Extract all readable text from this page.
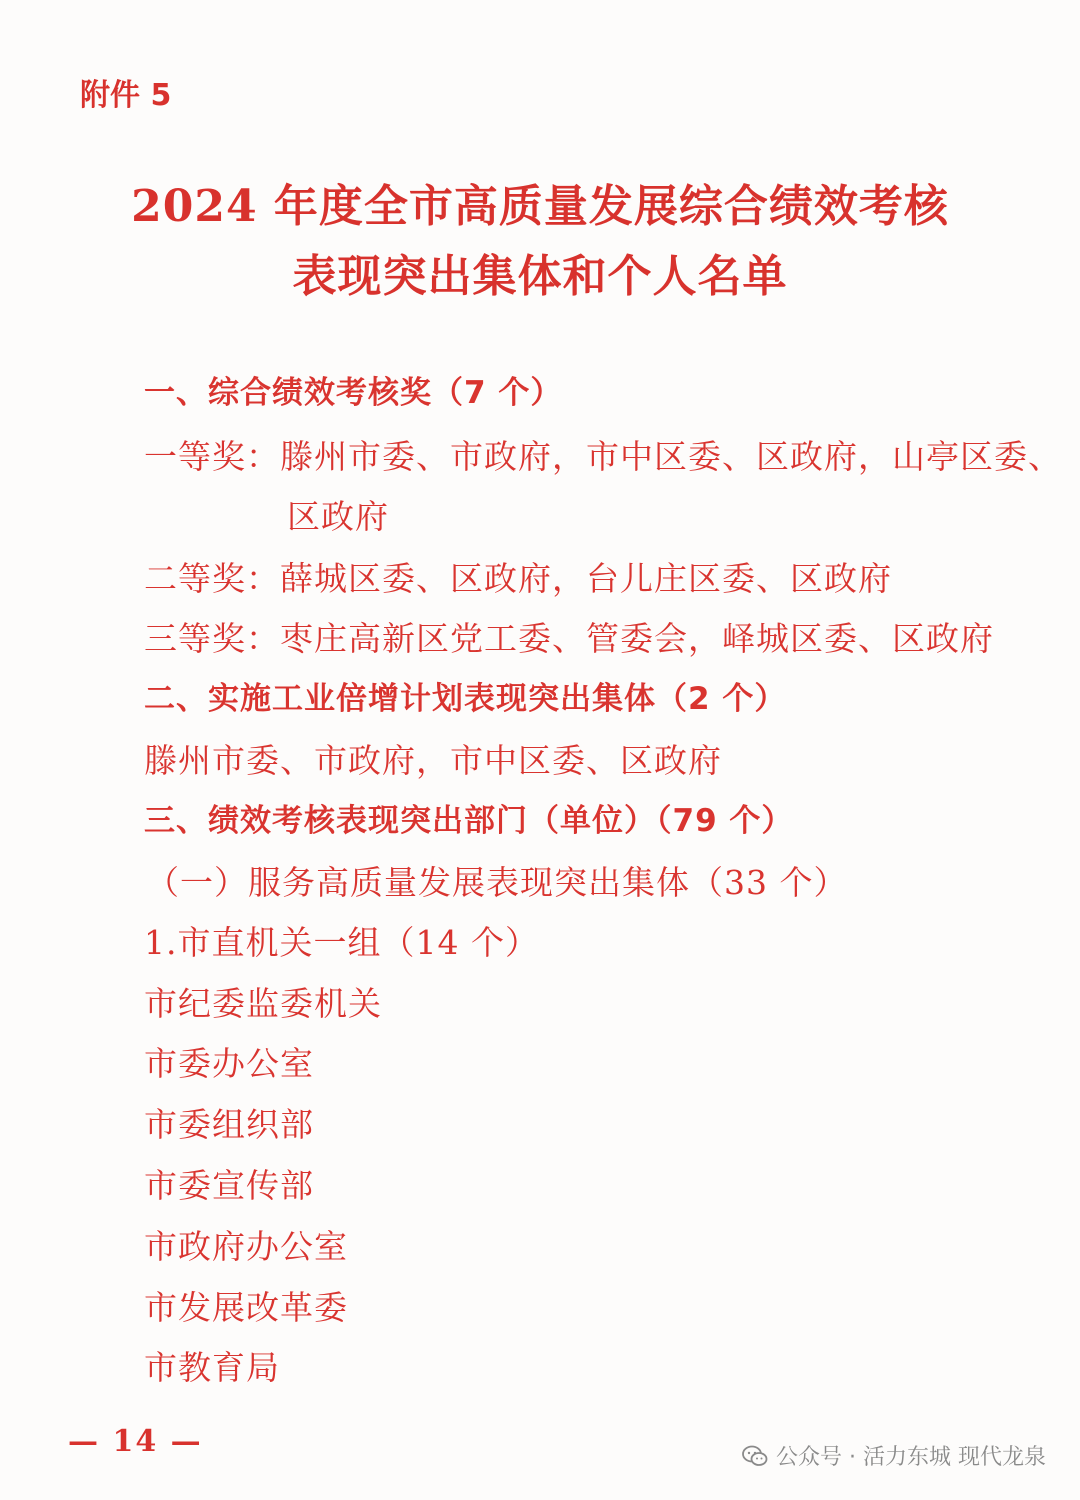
附件 5
2024 年度全市高质量发展综合绩效考核
表现突出集体和个人名单
一、综合绩效考核奖（7 个）
一等奖：滕州市委、市政府，市中区委、区政府，山亭区委、
区政府
二等奖：薛城区委、区政府，台儿庄区委、区政府
三等奖：枣庄高新区党工委、管委会，峄城区委、区政府
二、实施工业倍增计划表现突出集体（2 个）
滕州市委、市政府，市中区委、区政府
三、绩效考核表现突出部门（单位）（79 个）
（一）服务高质量发展表现突出集体（33 个）
1.市直机关一组（14 个）
市纪委监委机关
市委办公室
市委组织部
市委宣传部
市政府办公室
市发展改革委
市教育局
— 14 —	公众号 · 活力东城 现代龙泉
